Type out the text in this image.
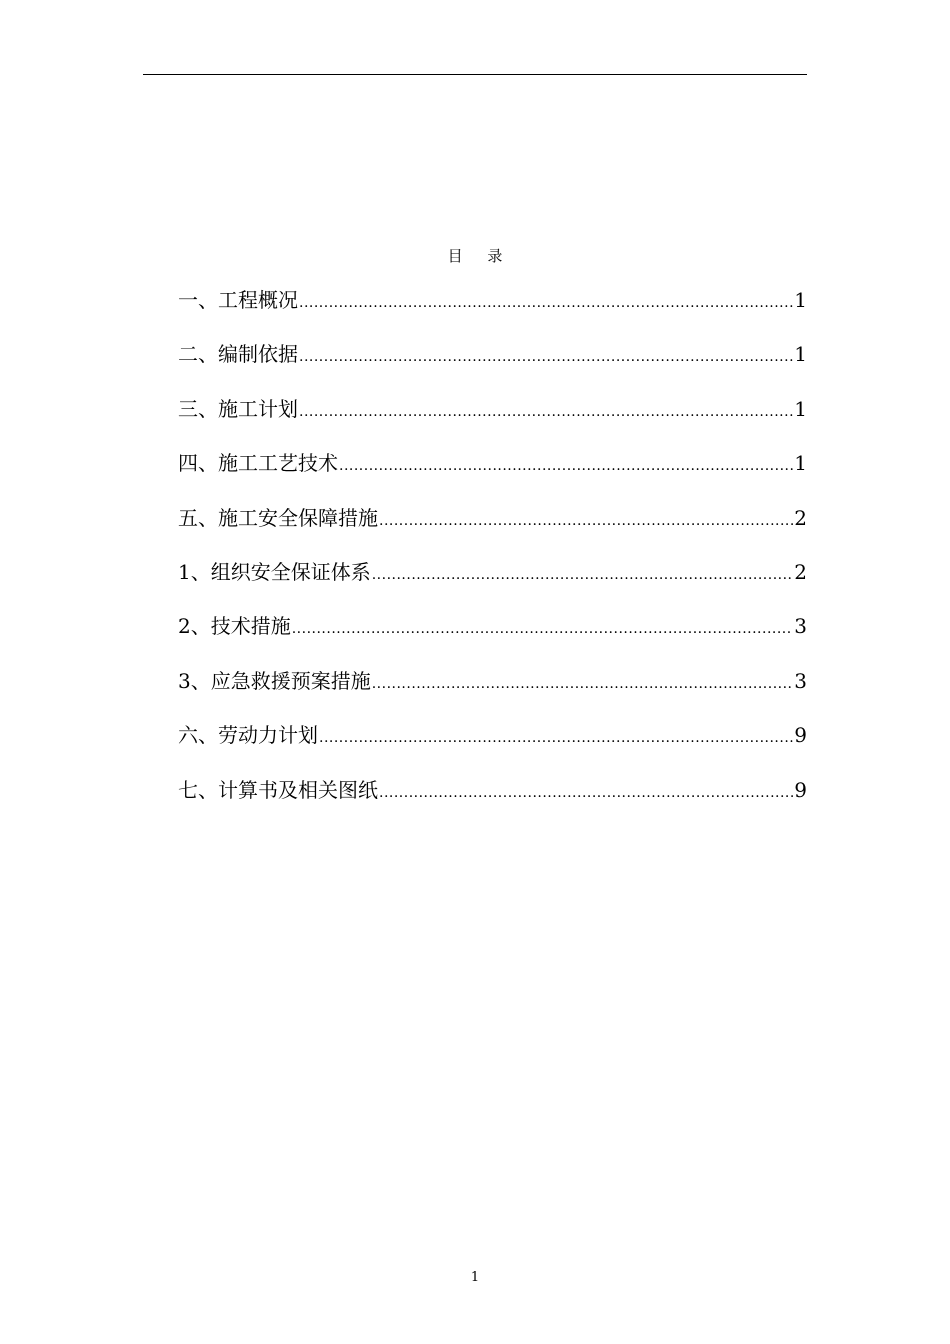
目 录
一、工程概况 .....	1
二、编制依据 .....	1
三、施工计划 .....	1
四、施工工艺技术 .....	1
五、施工安全保障措施 .....	2
1、组织安全保证体系 .....	2
2、技术措施 .....	3
3、应急救援预案措施 .....	3
六、劳动力计划 .....	9
七、计算书及相关图纸 .....	9
1
